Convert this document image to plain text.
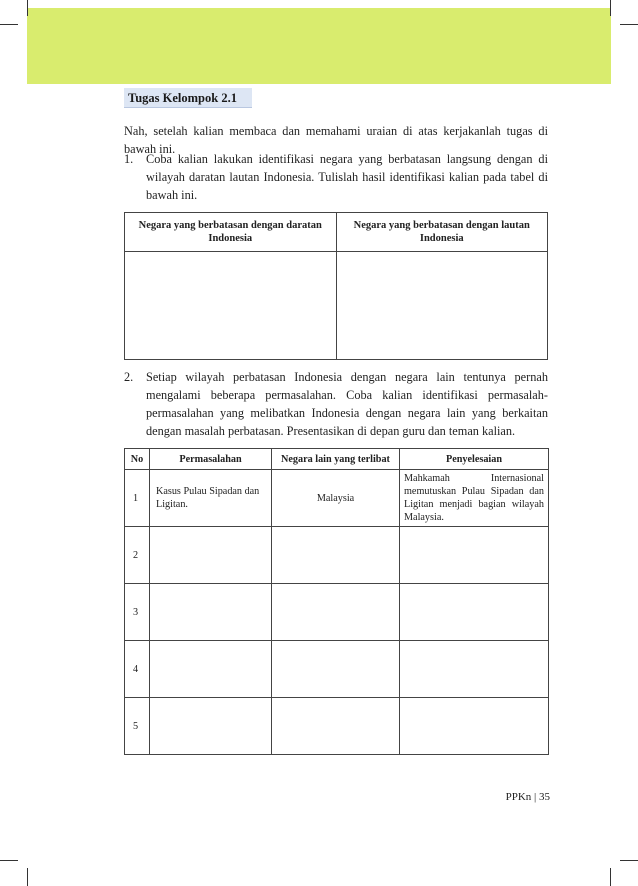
Tugas Kelompok 2.1

Nah, setelah kalian membaca dan memahami uraian di atas kerjakanlah tugas di bawah ini.

1. Coba kalian lakukan identifikasi negara yang berbatasan langsung dengan di wilayah daratan lautan Indonesia. Tulislah hasil identifikasi kalian pada tabel di bawah ini.
Negara yang berbatasan dengan daratan Indonesia	Negara yang berbatasan dengan lautan Indonesia

2. Setiap wilayah perbatasan Indonesia dengan negara lain tentunya pernah mengalami beberapa permasalahan. Coba kalian identifikasi permasalah-permasalahan yang melibatkan Indonesia dengan negara lain yang berkaitan dengan masalah perbatasan. Presentasikan di depan guru dan teman kalian.
No	Permasalahan	Negara lain yang terlibat	Penyelesaian
1	Kasus Pulau Sipadan dan Ligitan.	Malaysia	Mahkamah Internasional memutuskan Pulau Sipadan dan Ligitan menjadi bagian wilayah Malaysia.
2			
3			
4			
5			
PPKn | 35
